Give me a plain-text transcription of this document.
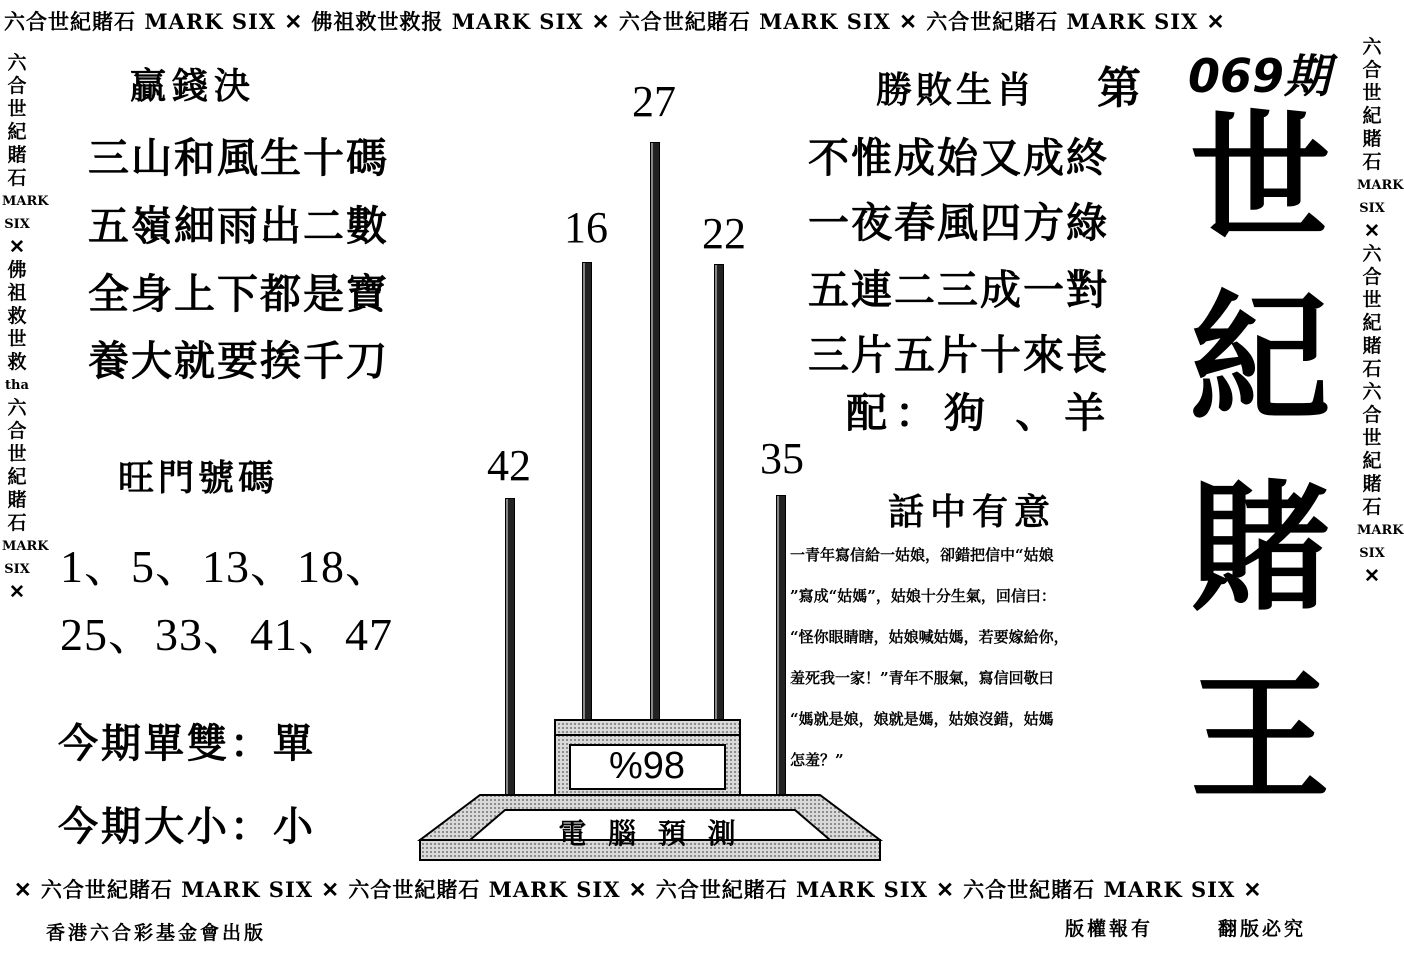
六合世紀賭石 MARK SIX ✕ 佛祖救世救报 MARK SIX ✕ 六合世紀賭石 MARK SIX ✕ 六合世紀賭石 MARK SIX ✕
六
合
世
紀
賭
石
MARK
SIX
✕
佛
祖
救
世
救
tha
六
合
世
紀
賭
石
MARK
SIX
✕
六
合
世
紀
賭
石
MARK
SIX
✕
六
合
世
紀
賭
石
六
合
世
紀
賭
石
MARK
SIX
✕
贏錢決
三山和風生十碼
五嶺細雨出二數
全身上下都是寶
養大就要挨千刀
旺門號碼
1、5、13、18、
25、33、41、47
今期單雙：單
今期大小：小
42
16
27
22
35
%98
電 腦 預 測
勝敗生肖 第 069期
不惟成始又成終
一夜春風四方綠
五連二三成一對
三片五片十來長
配：狗 、羊
話中有意
一青年寫信給一姑娘，卻錯把信中“姑娘
”寫成“姑媽”，姑娘十分生氣，回信曰：
“怪你眼睛瞎，姑娘喊姑媽，若要嫁給你，
羞死我一家！”青年不服氣，寫信回敬曰
“媽就是娘，娘就是媽，姑娘沒錯，姑媽
怎羞？”
世
紀
賭
王
✕ 六合世紀賭石 MARK SIX ✕ 六合世紀賭石 MARK SIX ✕ 六合世紀賭石 MARK SIX ✕ 六合世紀賭石 MARK SIX ✕
香港六合彩基金會出版	版權報有	翻版必究
